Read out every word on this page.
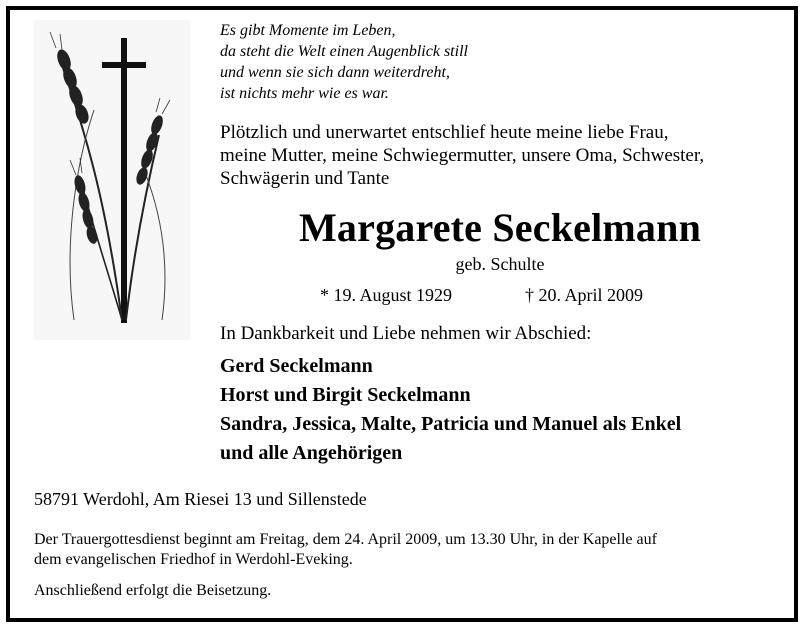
Es gibt Momente im Leben,
da steht die Welt einen Augenblick still
und wenn sie sich dann weiterdreht,
ist nichts mehr wie es war.
Plötzlich und unerwartet entschlief heute meine liebe Frau,
meine Mutter, meine Schwiegermutter, unsere Oma, Schwester,
Schwägerin und Tante
Margarete Seckelmann
geb. Schulte
* 19. August 1929	† 20. April 2009
In Dankbarkeit und Liebe nehmen wir Abschied:
Gerd Seckelmann
Horst und Birgit Seckelmann
Sandra, Jessica, Malte, Patricia und Manuel als Enkel
und alle Angehörigen
58791 Werdohl, Am Riesei 13 und Sillenstede
Der Trauergottesdienst beginnt am Freitag, dem 24. April 2009, um 13.30 Uhr, in der Kapelle auf
dem evangelischen Friedhof in Werdohl-Eveking.
Anschließend erfolgt die Beisetzung.
